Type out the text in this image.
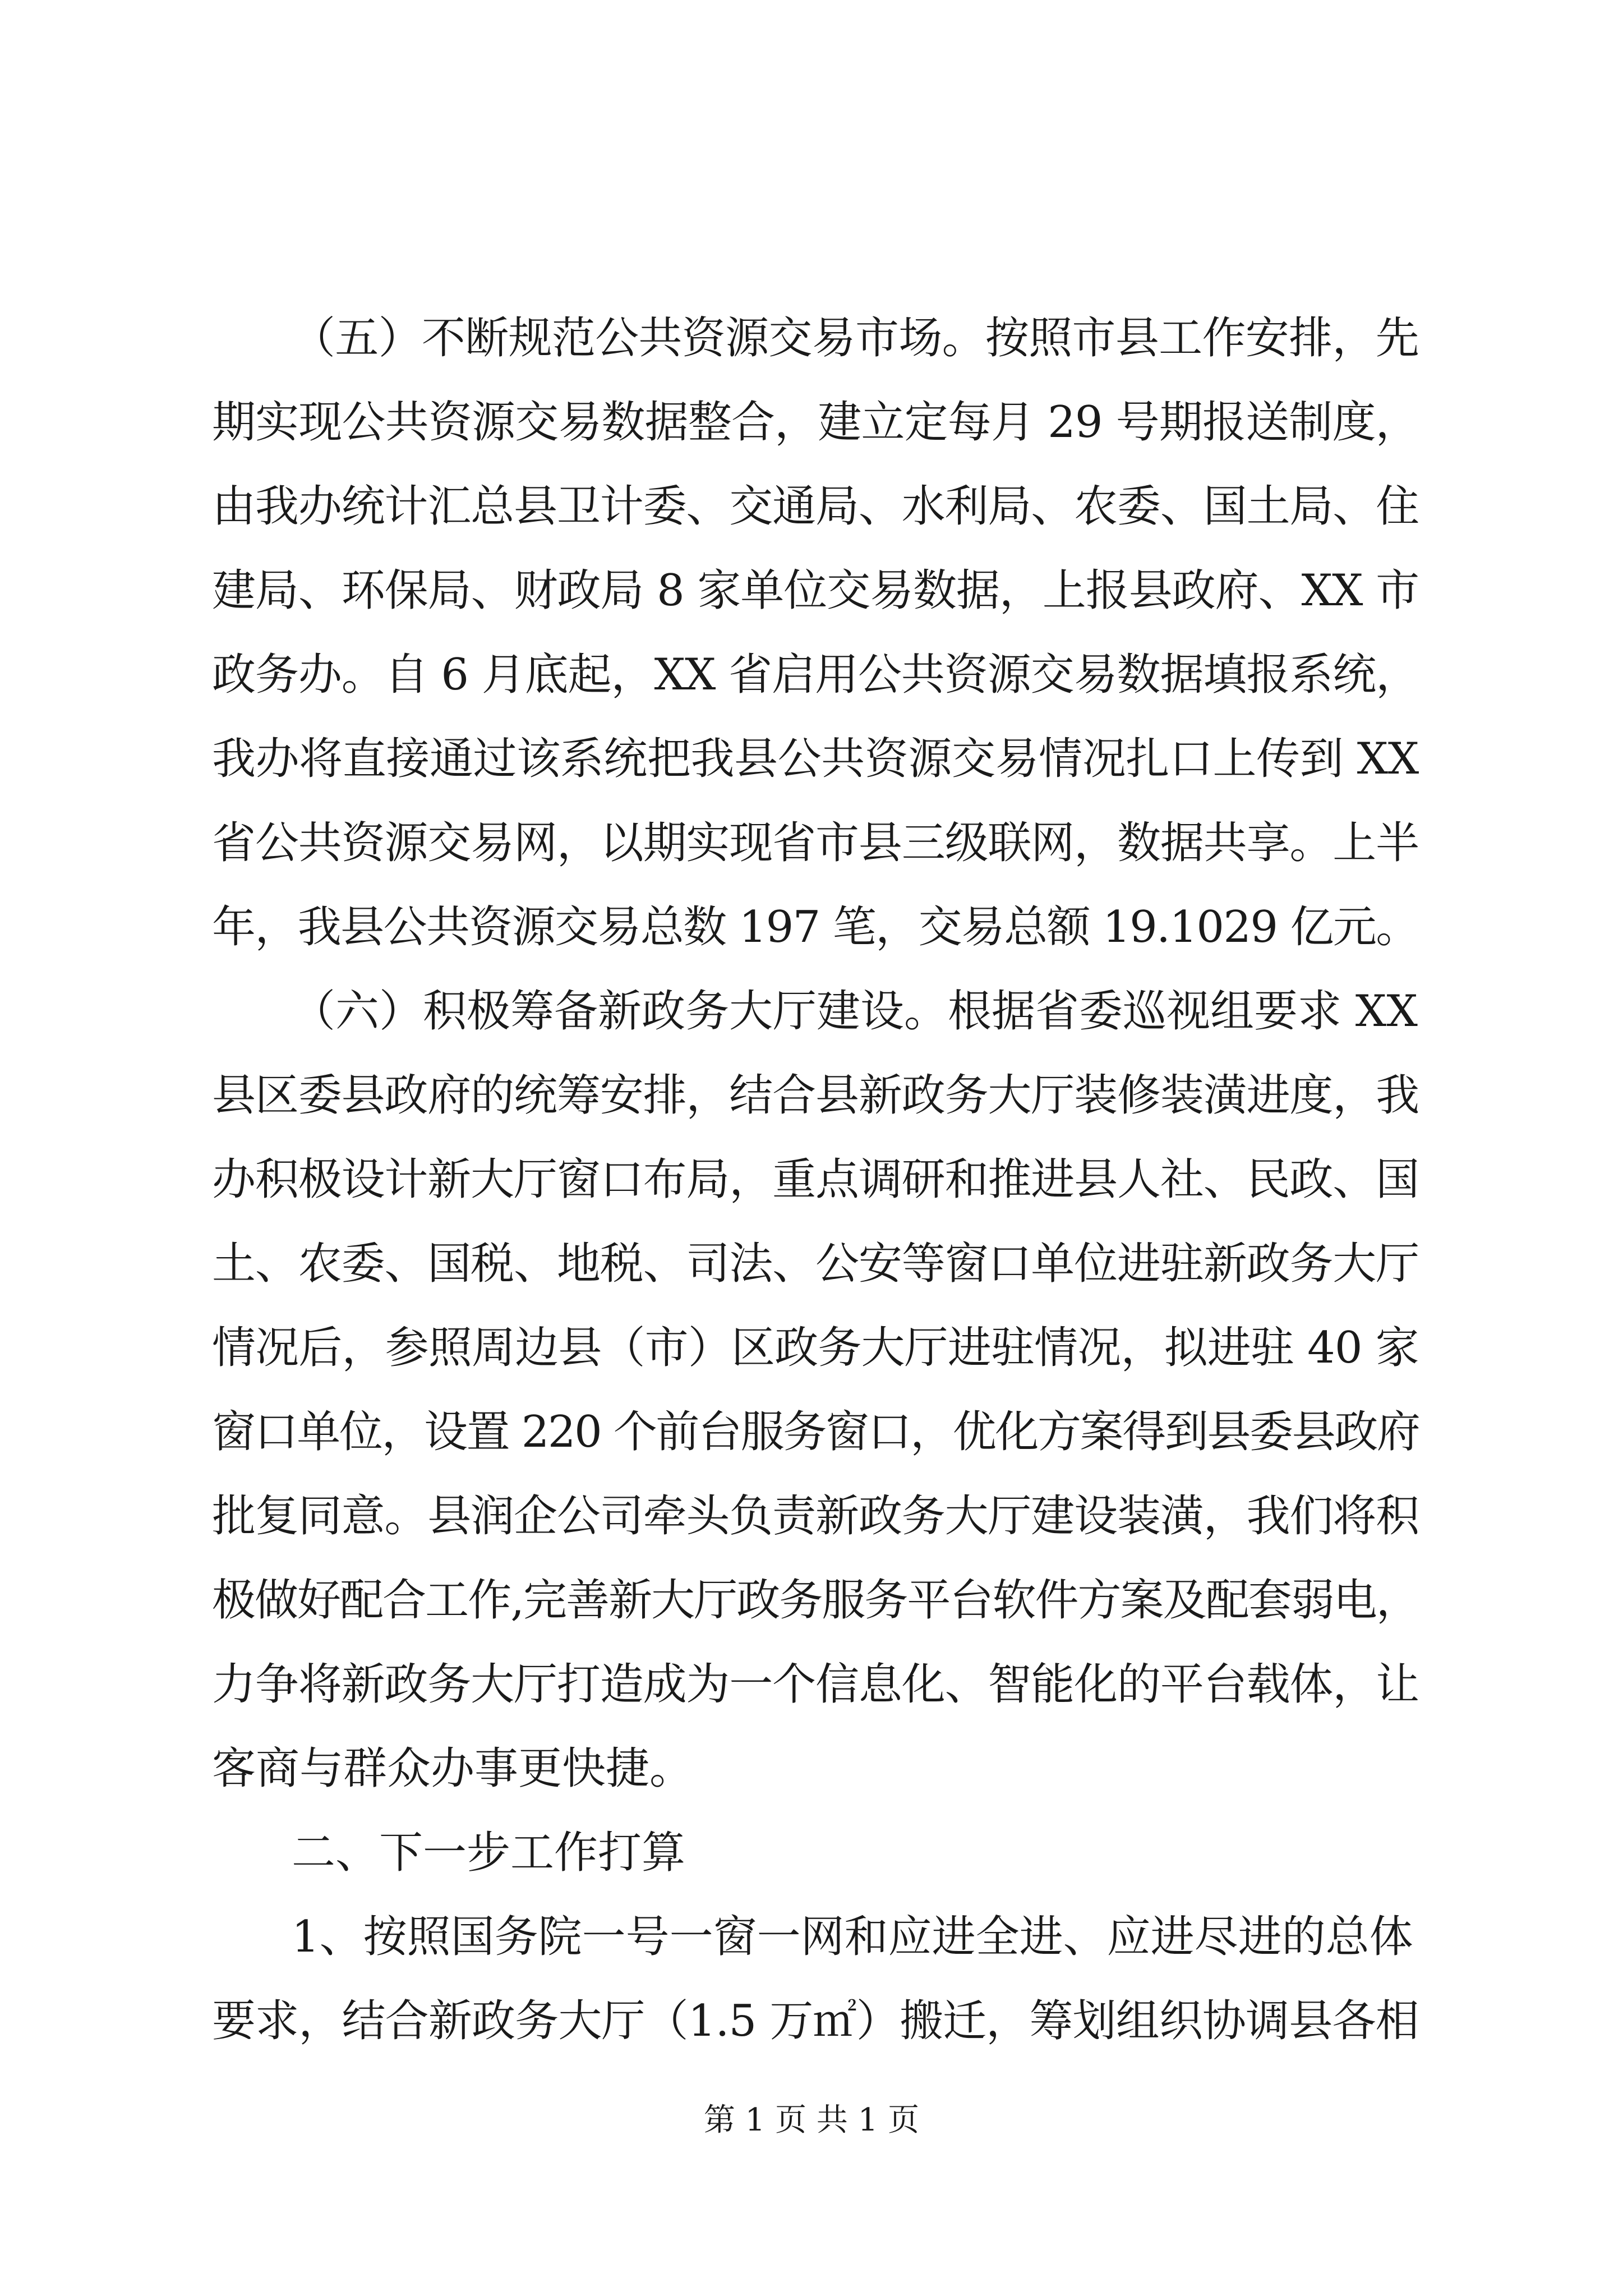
（五）不断规范公共资源交易市场。按照市县工作安排，先
期实现公共资源交易数据整合，建立定每月 29 号期报送制度，
由我办统计汇总县卫计委、交通局、水利局、农委、国土局、住
建局、环保局、财政局 8 家单位交易数据，上报县政府、XX 市
政务办。自 6 月底起，XX 省启用公共资源交易数据填报系统，
我办将直接通过该系统把我县公共资源交易情况扎口上传到 XX
省公共资源交易网，以期实现省市县三级联网，数据共享。上半
年，我县公共资源交易总数 197 笔，交易总额 19.1029 亿元。
（六）积极筹备新政务大厅建设。根据省委巡视组要求 XX
县区委县政府的统筹安排，结合县新政务大厅装修装潢进度，我
办积极设计新大厅窗口布局，重点调研和推进县人社、民政、国
土、农委、国税、地税、司法、公安等窗口单位进驻新政务大厅
情况后，参照周边县（市）区政务大厅进驻情况，拟进驻 40 家
窗口单位，设置 220 个前台服务窗口，优化方案得到县委县政府
批复同意。县润企公司牵头负责新政务大厅建设装潢，我们将积
极做好配合工作,完善新大厅政务服务平台软件方案及配套弱电，
力争将新政务大厅打造成为一个信息化、智能化的平台载体，让
客商与群众办事更快捷。
二、下一步工作打算
1、按照国务院一号一窗一网和应进全进、应进尽进的总体
要求，结合新政务大厅（1.5 万㎡）搬迁，筹划组织协调县各相
第 1 页 共 1 页
